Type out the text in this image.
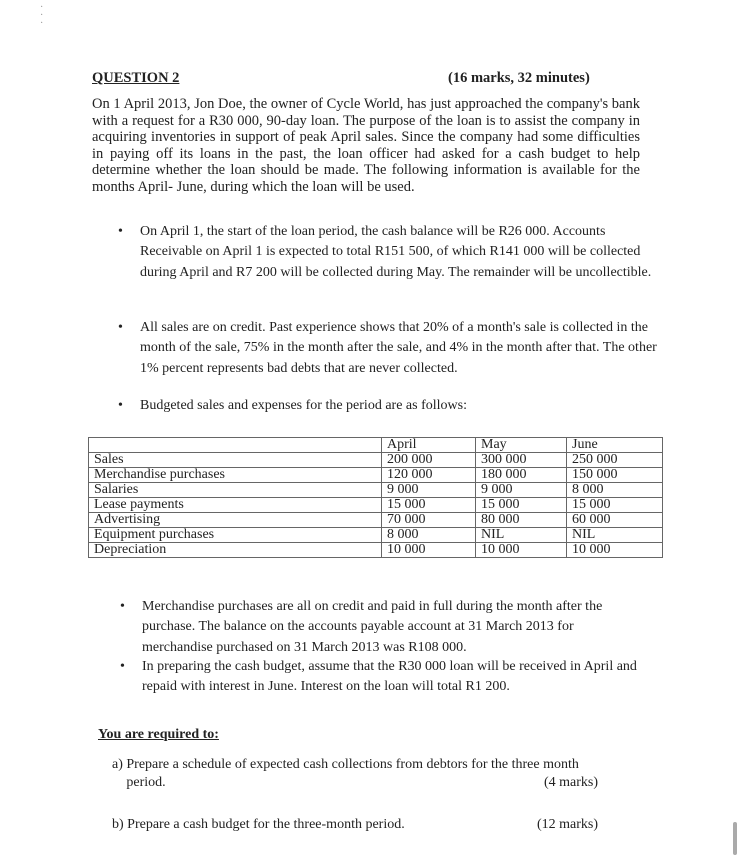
·
·
·
QUESTION 2	(16 marks, 32 minutes)
On 1 April 2013, Jon Doe, the owner of Cycle World, has just approached the company's bank with a request for a R30 000, 90-day loan. The purpose of the loan is to assist the company in acquiring inventories in support of peak April sales. Since the company had some difficulties in paying off its loans in the past, the loan officer had asked for a cash budget to help determine whether the loan should be made. The following information is available for the months April- June, during which the loan will be used.
• On April 1, the start of the loan period, the cash balance will be R26 000. Accounts Receivable on April 1 is expected to total R151 500, of which R141 000 will be collected during April and R7 200 will be collected during May. The remainder will be uncollectible.
• All sales are on credit. Past experience shows that 20% of a month's sale is collected in the month of the sale, 75% in the month after the sale, and 4% in the month after that. The other 1% percent represents bad debts that are never collected.
• Budgeted sales and expenses for the period are as follows:
	April	May	June
Sales	200 000	300 000	250 000
Merchandise purchases	120 000	180 000	150 000
Salaries	9 000	9 000	8 000
Lease payments	15 000	15 000	15 000
Advertising	70 000	80 000	60 000
Equipment purchases	8 000	NIL	NIL
Depreciation	10 000	10 000	10 000
• Merchandise purchases are all on credit and paid in full during the month after the purchase. The balance on the accounts payable account at 31 March 2013 for merchandise purchased on 31 March 2013 was R108 000.
• In preparing the cash budget, assume that the R30 000 loan will be received in April and repaid with interest in June. Interest on the loan will total R1 200.
You are required to:
a) Prepare a schedule of expected cash collections from debtors for the three month period.	(4 marks)
b) Prepare a cash budget for the three-month period.	(12 marks)
